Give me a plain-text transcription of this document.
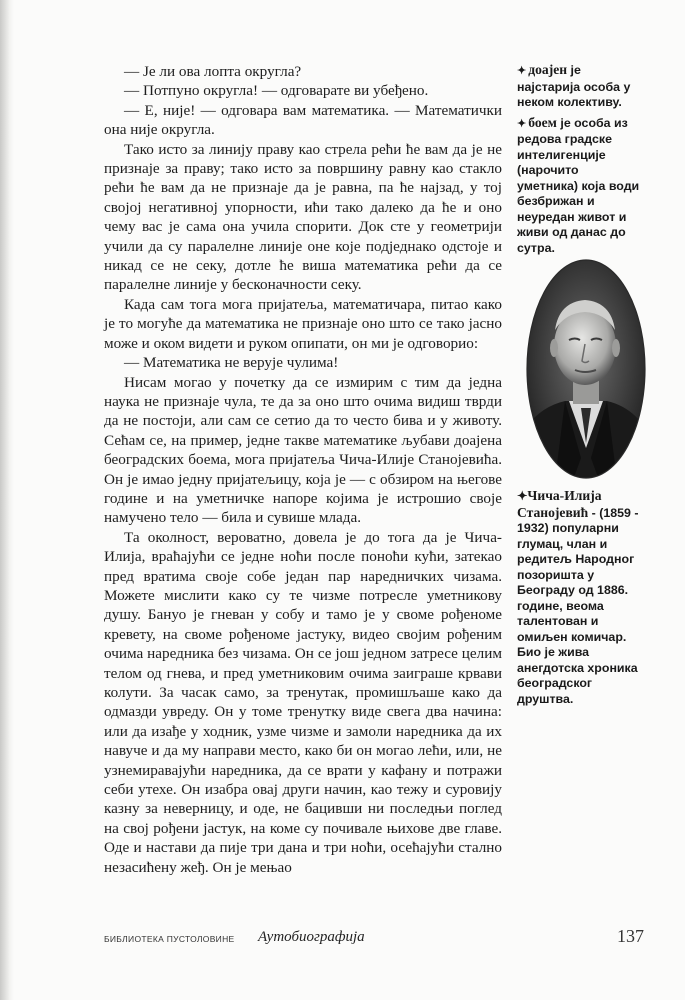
— Је ли ова лопта округла?

— Потпуно округла! — одговарате ви убеђено.

— Е, није! — одговара вам математика. — Математички она није округла.

Тако исто за линију праву као стрела рећи ће вам да је не признаје за праву; тако исто за површину равну као стакло рећи ће вам да не признаје да је равна, па ће најзад, у тој својој негативној упорности, ићи тако далеко да ће и оно чему вас је сама она учила спорити. Док сте у геометрији учили да су паралелне линије оне које подједнако одстоје и никад се не секу, дотле ће виша математика рећи да се паралелне линије у бесконачности секу.

Када сам тога мога пријатеља, математичара, питао како је то могуће да математика не признаје оно што се тако јасно може и оком видети и руком опипати, он ми је одговорио:

— Математика не верује чулима!

Нисам могао у почетку да се измирим с тим да једна наука не признаје чула, те да за оно што очима видиш тврди да не постоји, али сам се сетио да то често бива и у животу. Сећам се, на пример, једне такве математике љубави доајена београдских боема, мога пријатеља Чича-Илије Станојевића. Он је имао једну пријатељицу, која је — с обзиром на његове године и на уметничке напоре којима је истрошио своје намучено тело — била и сувише млада.

Та околност, вероватно, довела је до тога да је Чича-Илија, враћајући се једне ноћи после поноћи кући, затекао пред вратима своје собе један пар наредничких чизама. Можете мислити како су те чизме потресле уметникову душу. Бануо је гневан у собу и тамо је у своме рођеноме кревету, на своме рођеноме јастуку, видео својим рођеним очима наредника без чизама. Он се још једном затресе целим телом од гнева, и пред уметниковим очима заиграше крвави колути. За часак само, за тренутак, промишљаше како да одмазди увреду. Он у томе тренутку виде свега два начина: или да изађе у ходник, узме чизме и замоли наредника да их навуче и да му направи место, како би он могао лећи, или, не узнемиравајући наредника, да се врати у кафану и потражи себи утехе. Он изабра овај други начин, као тежу и суровију казну за неверницу, и оде, не бацивши ни последњи поглед на свој рођени јастук, на коме су почивале њихове две главе. Оде и настави да пије три дана и три ноћи, осећајући стално незасићену жеђ. Он је мењао

✦ доајен је најстарија особа у неком колективу.

✦ боем је особа из редова градске интелигенције (нарочито уметника) која води безбрижан и неуредан живот и живи од данас до сутра.

✦Чича-Илија Станојевић - (1859 - 1932) популарни глумац, члан и редитељ Народног позоришта у Београду од 1886. године, веома талентован и омиљен комичар. Био је жива анегдотска хроника београдског друштва.
БИБЛИОТЕКА ПУСТОЛОВИНЕ Аутобиографија	137
